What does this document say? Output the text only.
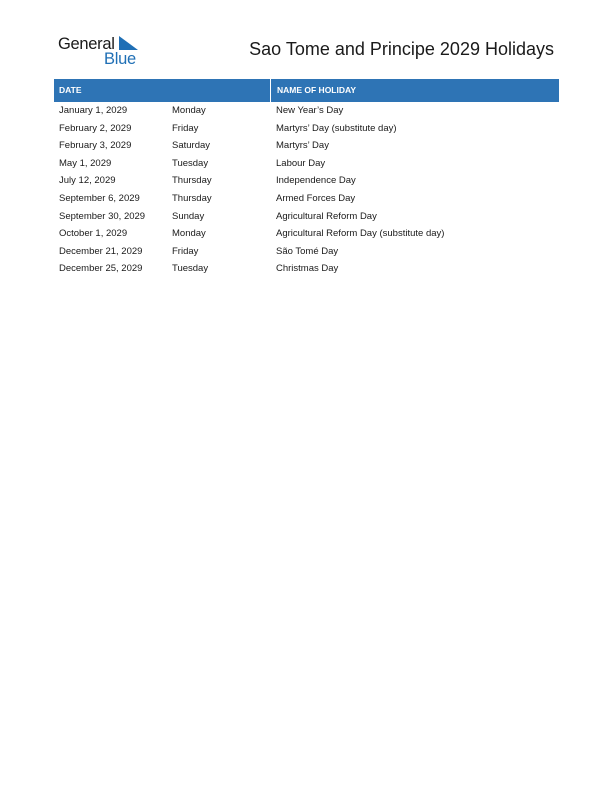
General
Blue	Sao Tome and Principe 2029 Holidays
DATE	NAME OF HOLIDAY
January 1, 2029	Monday	New Year’s Day
February 2, 2029	Friday	Martyrs’ Day (substitute day)
February 3, 2029	Saturday	Martyrs’ Day
May 1, 2029	Tuesday	Labour Day
July 12, 2029	Thursday	Independence Day
September 6, 2029	Thursday	Armed Forces Day
September 30, 2029	Sunday	Agricultural Reform Day
October 1, 2029	Monday	Agricultural Reform Day (substitute day)
December 21, 2029	Friday	São Tomé Day
December 25, 2029	Tuesday	Christmas Day
